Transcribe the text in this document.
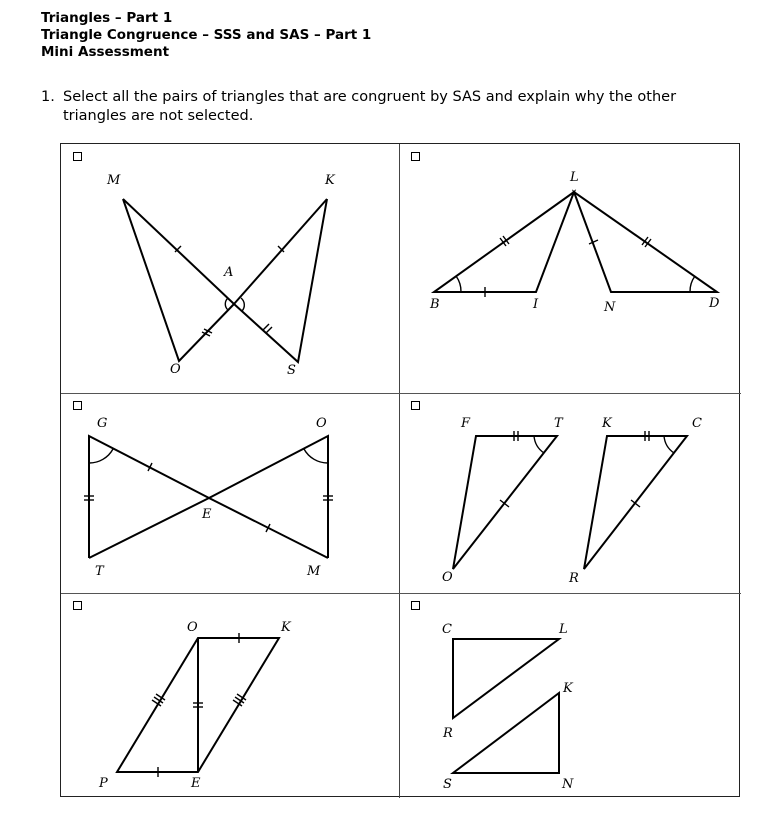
Triangles – Part 1
Triangle Congruence – SSS and SAS – Part 1
Mini Assessment
1. Select all the pairs of triangles that are congruent by SAS and explain why the other triangles are not selected.
M	K
A
O	S
L
B	I	N	D
G	O
E
T	M
F	T	K	C
O	R
O	K
P	E
C	L
R
K
S	N
